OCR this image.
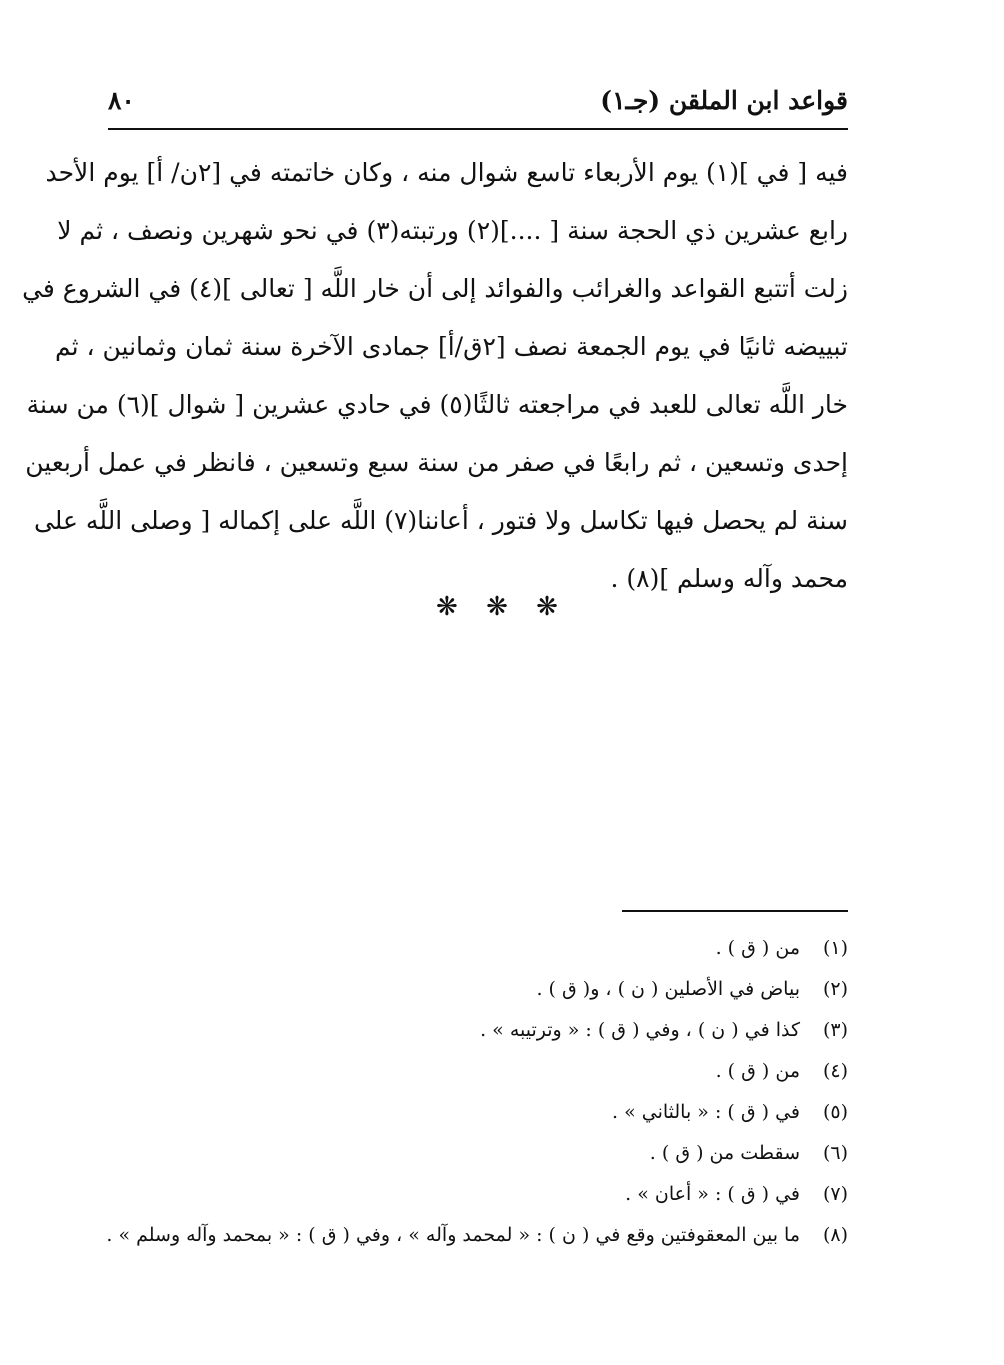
قواعد ابن الملقن (جـ١)
٨٠
فيه [ في ](١) يوم الأربعاء تاسع شوال منه ، وكان خاتمته في [٢ن/ أ] يوم الأحد
رابع عشرين ذي الحجة سنة [ ....](٢) ورتبته(٣) في نحو شهرين ونصف ، ثم لا
زلت أتتبع القواعد والغرائب والفوائد إلى أن خار اللَّه [ تعالى ](٤) في الشروع في
تبييضه ثانيًا في يوم الجمعة نصف [٢ق/أ] جمادى الآخرة سنة ثمان وثمانين ، ثم
خار اللَّه تعالى للعبد في مراجعته ثالثًا(٥) في حادي عشرين [ شوال ](٦) من سنة
إحدى وتسعين ، ثم رابعًا في صفر من سنة سبع وتسعين ، فانظر في عمل أربعين
سنة لم يحصل فيها تكاسل ولا فتور ، أعاننا(٧) اللَّه على إكماله [ وصلى اللَّه على
محمد وآله وسلم ](٨) .
❋ ❋ ❋
(١)من ( ق ) .
(٢)بياض في الأصلين ( ن ) ، و( ق ) .
(٣)كذا في ( ن ) ، وفي ( ق ) : « وترتيبه » .
(٤)من ( ق ) .
(٥)في ( ق ) : « بالثاني » .
(٦)سقطت من ( ق ) .
(٧)في ( ق ) : « أعان » .
(٨)ما بين المعقوفتين وقع في ( ن ) : « لمحمد وآله » ، وفي ( ق ) : « بمحمد وآله وسلم » .
